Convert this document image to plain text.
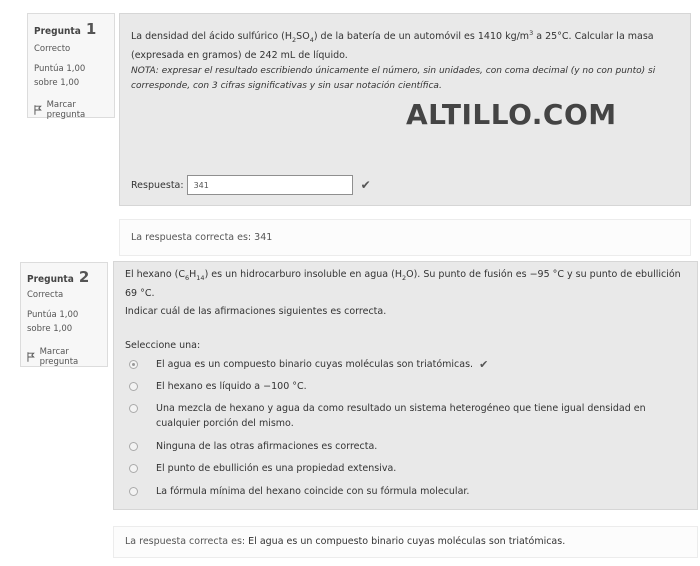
Pregunta 1
Correcto
Puntúa 1,00 sobre 1,00
Marcar pregunta
La densidad del ácido sulfúrico $(H_2SO_4)$ de la batería de un automóvil es 1410 $kg/m^3$ a 25°C. Calcular la masa (expresada en gramos) de 242 mL de líquido.
NOTA: expresar el resultado escribiendo únicamente el número, sin unidades, con coma decimal (y no con punto) si corresponde, con 3 cifras significativas y sin usar notación científica.
Respuesta:
341	✔
ALTILLO.COM
La respuesta correcta es: 341
Pregunta 2
Correcta
Puntúa 1,00 sobre 1,00
Marcar pregunta
El hexano $(C_6H_{14})$ es un hidrocarburo insoluble en agua $(H_2O)$. Su punto de fusión es −95 °C y su punto de ebullición 69 °C.
Indicar cuál de las afirmaciones siguientes es correcta.
Seleccione una:
El agua es un compuesto binario cuyas moléculas son triatómicas. ✔
El hexano es líquido a −100 °C.
Una mezcla de hexano y agua da como resultado un sistema heterogéneo que tiene igual densidad en cualquier porción del mismo.
Ninguna de las otras afirmaciones es correcta.
El punto de ebullición es una propiedad extensiva.
La fórmula mínima del hexano coincide con su fórmula molecular.
La respuesta correcta es: El agua es un compuesto binario cuyas moléculas son triatómicas.
